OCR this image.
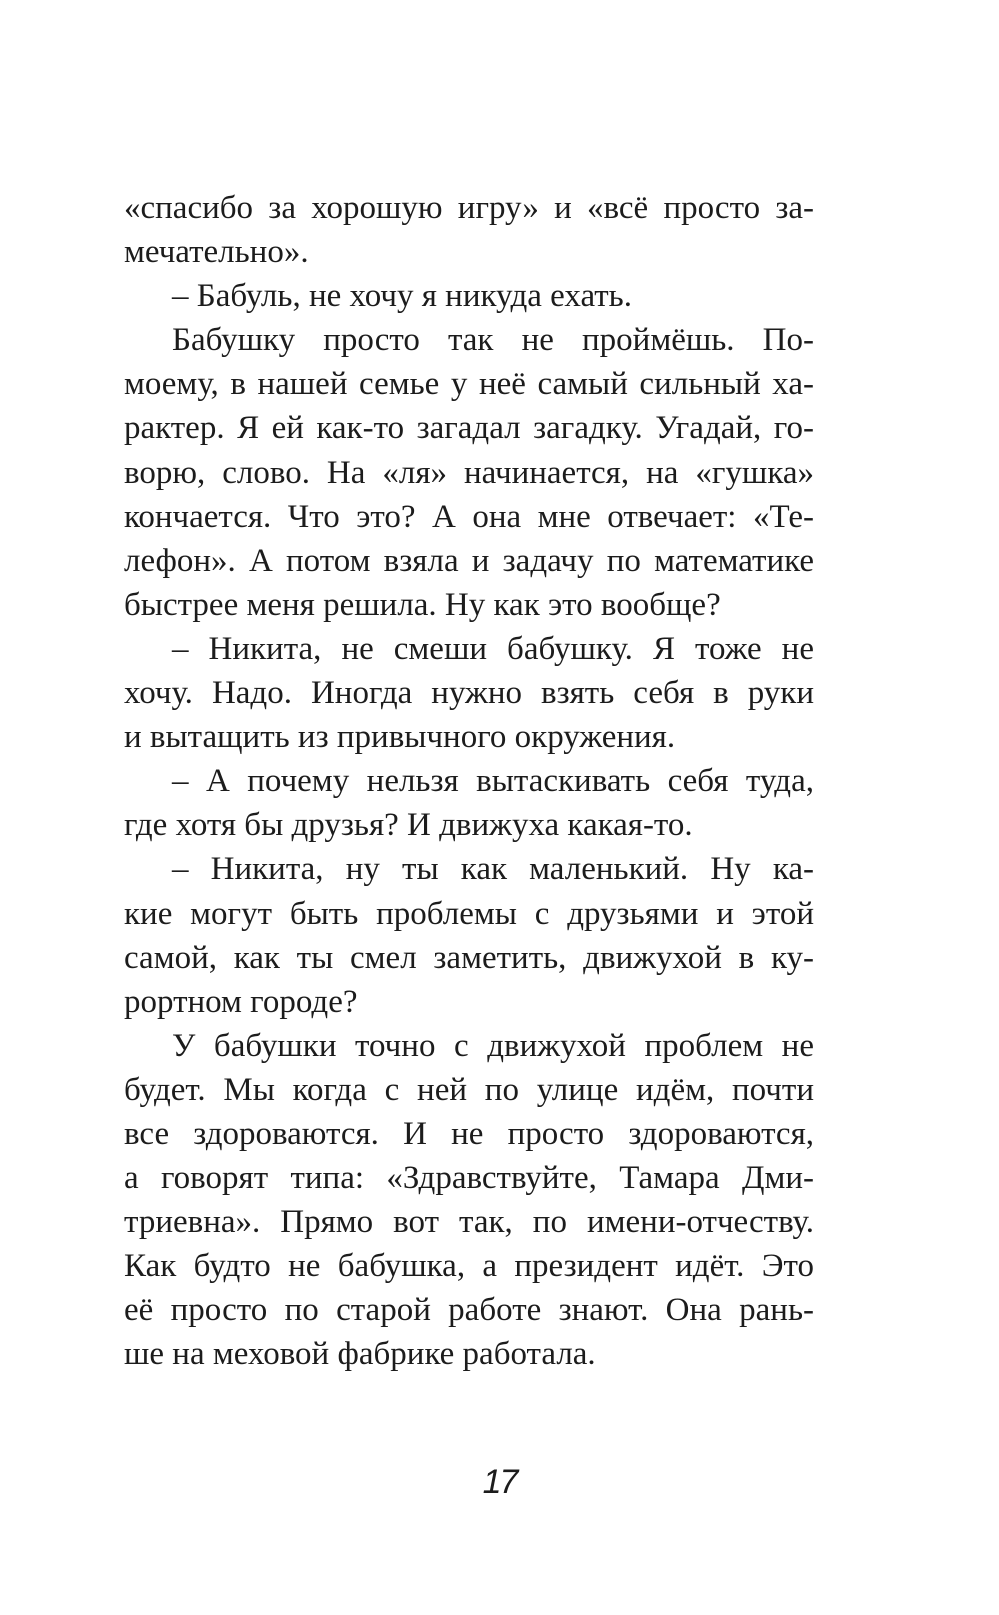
«спасибо за хорошую игру» и «всё просто за-
мечательно».
– Бабуль, не хочу я никуда ехать.
Бабушку просто так не проймёшь. По-
моему, в нашей семье у неё самый сильный ха-
рактер. Я ей как-то загадал загадку. Угадай, го-
ворю, слово. На «ля» начинается, на «гушка»
кончается. Что это? А она мне отвечает: «Те-
лефон». А потом взяла и задачу по математике
быстрее меня решила. Ну как это вообще?
– Никита, не смеши бабушку. Я тоже не
хочу. Надо. Иногда нужно взять себя в руки
и вытащить из привычного окружения.
– А почему нельзя вытаскивать себя туда,
где хотя бы друзья? И движуха какая-то.
– Никита, ну ты как маленький. Ну ка-
кие могут быть проблемы с друзьями и этой
самой, как ты смел заметить, движухой в ку-
рортном городе?
У бабушки точно с движухой проблем не
будет. Мы когда с ней по улице идём, почти
все здороваются. И не просто здороваются,
а говорят типа: «Здравствуйте, Тамара Дми-
триевна». Прямо вот так, по имени-отчеству.
Как будто не бабушка, а президент идёт. Это
её просто по старой работе знают. Она рань-
ше на меховой фабрике работала.
17
